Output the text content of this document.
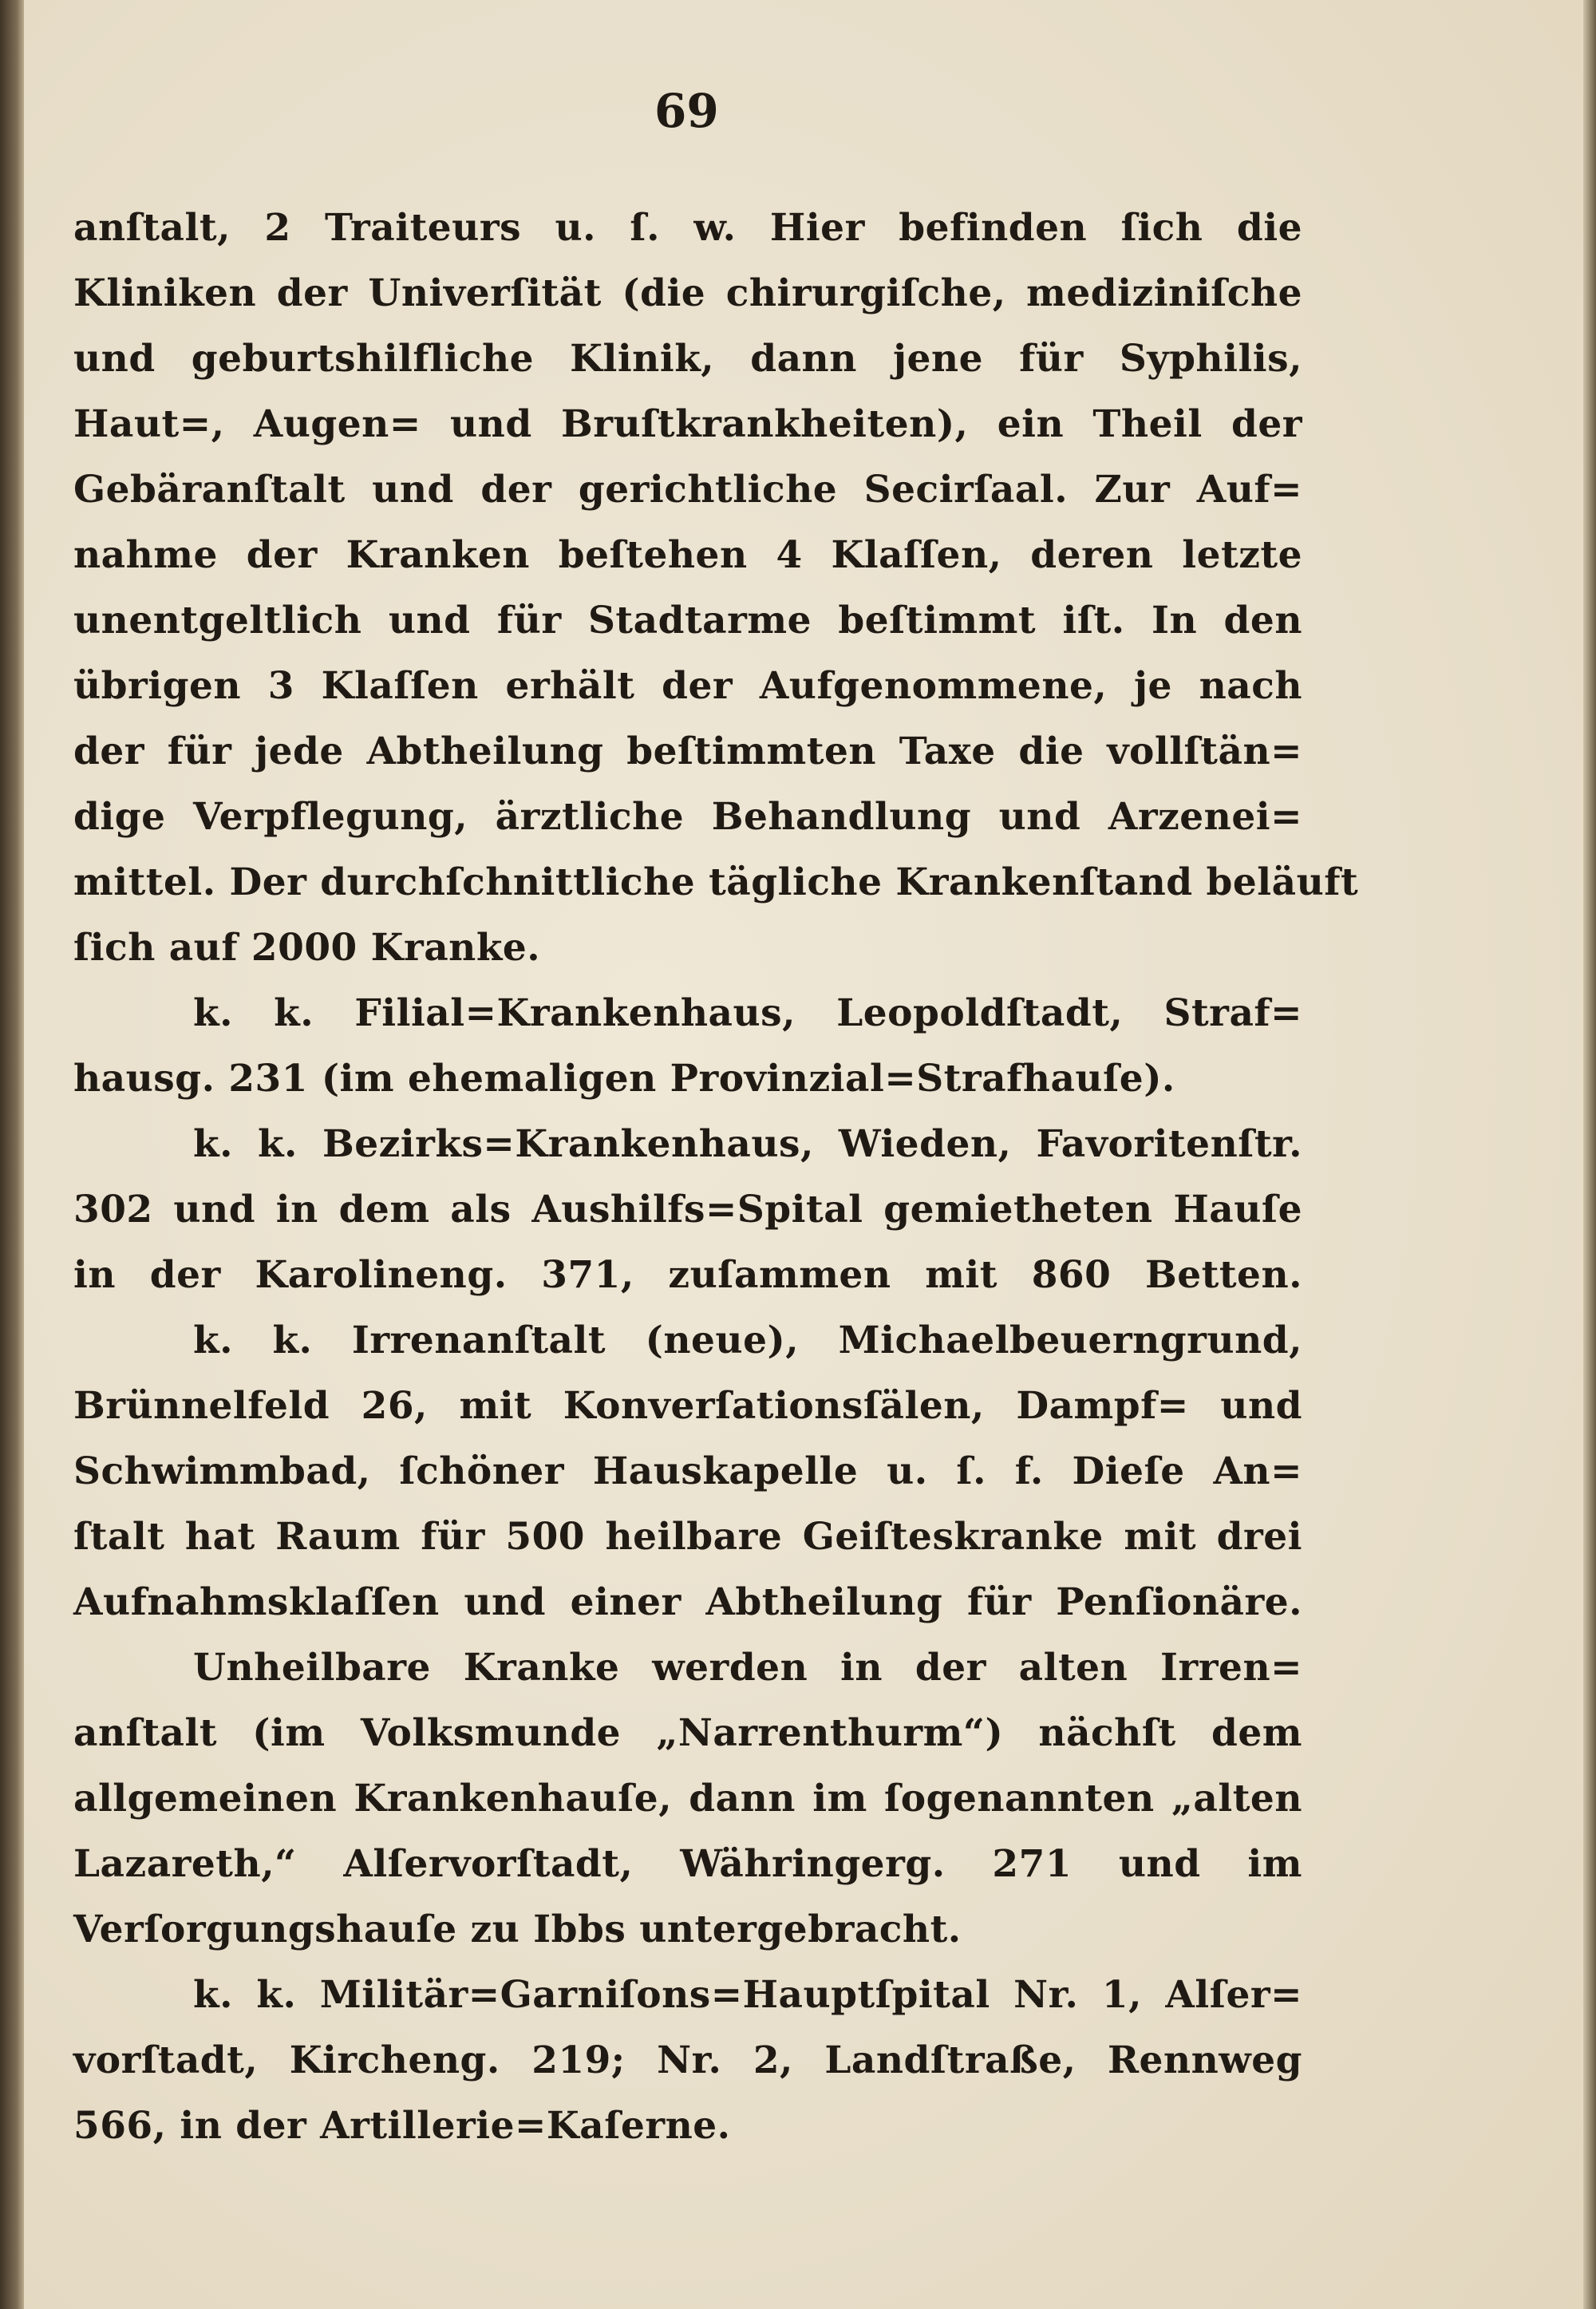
69
anſtalt, 2 Traiteurs u. ſ. w. Hier befinden ſich die
Kliniken der Univerſität (die chirurgiſche, mediziniſche
und geburtshilfliche Klinik, dann jene für Syphilis,
Haut=, Augen= und Bruſtkrankheiten), ein Theil der
Gebäranſtalt und der gerichtliche Secirſaal. Zur Auf=
nahme der Kranken beſtehen 4 Klaſſen, deren letzte
unentgeltlich und für Stadtarme beſtimmt iſt. In den
übrigen 3 Klaſſen erhält der Aufgenommene, je nach
der für jede Abtheilung beſtimmten Taxe die vollſtän=
dige Verpflegung, ärztliche Behandlung und Arzenei=
mittel. Der durchſchnittliche tägliche Krankenſtand beläuft
ſich auf 2000 Kranke.
k. k. Filial=Krankenhaus, Leopoldſtadt, Straf=
hausg. 231 (im ehemaligen Provinzial=Strafhauſe).
k. k. Bezirks=Krankenhaus, Wieden, Favoritenſtr.
302 und in dem als Aushilfs=Spital gemietheten Hauſe
in der Karolineng. 371, zuſammen mit 860 Betten.
k. k. Irrenanſtalt (neue), Michaelbeuerngrund,
Brünnelfeld 26, mit Konverſationsſälen, Dampf= und
Schwimmbad, ſchöner Hauskapelle u. ſ. f. Dieſe An=
ſtalt hat Raum für 500 heilbare Geiſteskranke mit drei
Aufnahmsklaſſen und einer Abtheilung für Penſionäre.
Unheilbare Kranke werden in der alten Irren=
anſtalt (im Volksmunde „Narrenthurm“) nächſt dem
allgemeinen Krankenhauſe, dann im ſogenannten „alten
Lazareth,“ Alſervorſtadt, Währingerg. 271 und im
Verſorgungshauſe zu Ibbs untergebracht.
k. k. Militär=Garniſons=Hauptſpital Nr. 1, Alſer=
vorſtadt, Kircheng. 219; Nr. 2, Landſtraße, Rennweg
566, in der Artillerie=Kaſerne.
